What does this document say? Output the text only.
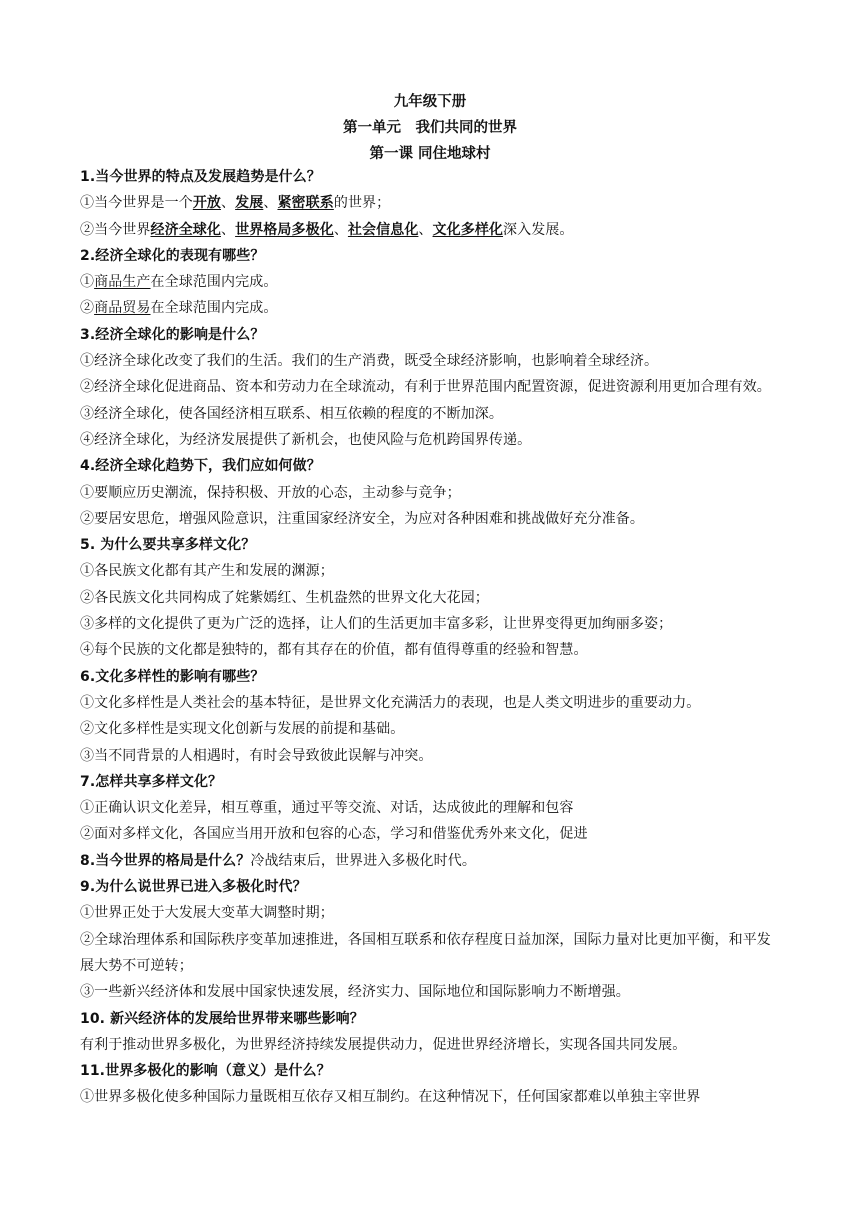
九年级下册
第一单元　我们共同的世界
第一课 同住地球村
1.当今世界的特点及发展趋势是什么？
①当今世界是一个开放、发展、紧密联系的世界；
②当今世界经济全球化、世界格局多极化、社会信息化、文化多样化深入发展。
2.经济全球化的表现有哪些？
①商品生产在全球范围内完成。
②商品贸易在全球范围内完成。
3.经济全球化的影响是什么？
①经济全球化改变了我们的生活。我们的生产消费，既受全球经济影响，也影响着全球经济。
②经济全球化促进商品、资本和劳动力在全球流动，有利于世界范围内配置资源，促进资源利用更加合理有效。
③经济全球化，使各国经济相互联系、相互依赖的程度的不断加深。
④经济全球化，为经济发展提供了新机会，也使风险与危机跨国界传递。
4.经济全球化趋势下，我们应如何做？
①要顺应历史潮流，保持积极、开放的心态，主动参与竞争；
②要居安思危，增强风险意识，注重国家经济安全，为应对各种困难和挑战做好充分准备。
5. 为什么要共享多样文化？
①各民族文化都有其产生和发展的渊源；
②各民族文化共同构成了姹紫嫣红、生机盎然的世界文化大花园；
③多样的文化提供了更为广泛的选择，让人们的生活更加丰富多彩，让世界变得更加绚丽多姿；
④每个民族的文化都是独特的，都有其存在的价值，都有值得尊重的经验和智慧。
6.文化多样性的影响有哪些？
①文化多样性是人类社会的基本特征，是世界文化充满活力的表现，也是人类文明进步的重要动力。
②文化多样性是实现文化创新与发展的前提和基础。
③当不同背景的人相遇时，有时会导致彼此误解与冲突。
7.怎样共享多样文化？
①正确认识文化差异，相互尊重，通过平等交流、对话，达成彼此的理解和包容
②面对多样文化，各国应当用开放和包容的心态，学习和借鉴优秀外来文化，促进
8.当今世界的格局是什么？冷战结束后，世界进入多极化时代。
9.为什么说世界已进入多极化时代？
①世界正处于大发展大变革大调整时期；
②全球治理体系和国际秩序变革加速推进，各国相互联系和依存程度日益加深，国际力量对比更加平衡，和平发展大势不可逆转；
③一些新兴经济体和发展中国家快速发展，经济实力、国际地位和国际影响力不断增强。
10. 新兴经济体的发展给世界带来哪些影响？
有利于推动世界多极化，为世界经济持续发展提供动力，促进世界经济增长，实现各国共同发展。
11.世界多极化的影响（意义）是什么？
①世界多极化使多种国际力量既相互依存又相互制约。在这种情况下，任何国家都难以单独主宰世界
